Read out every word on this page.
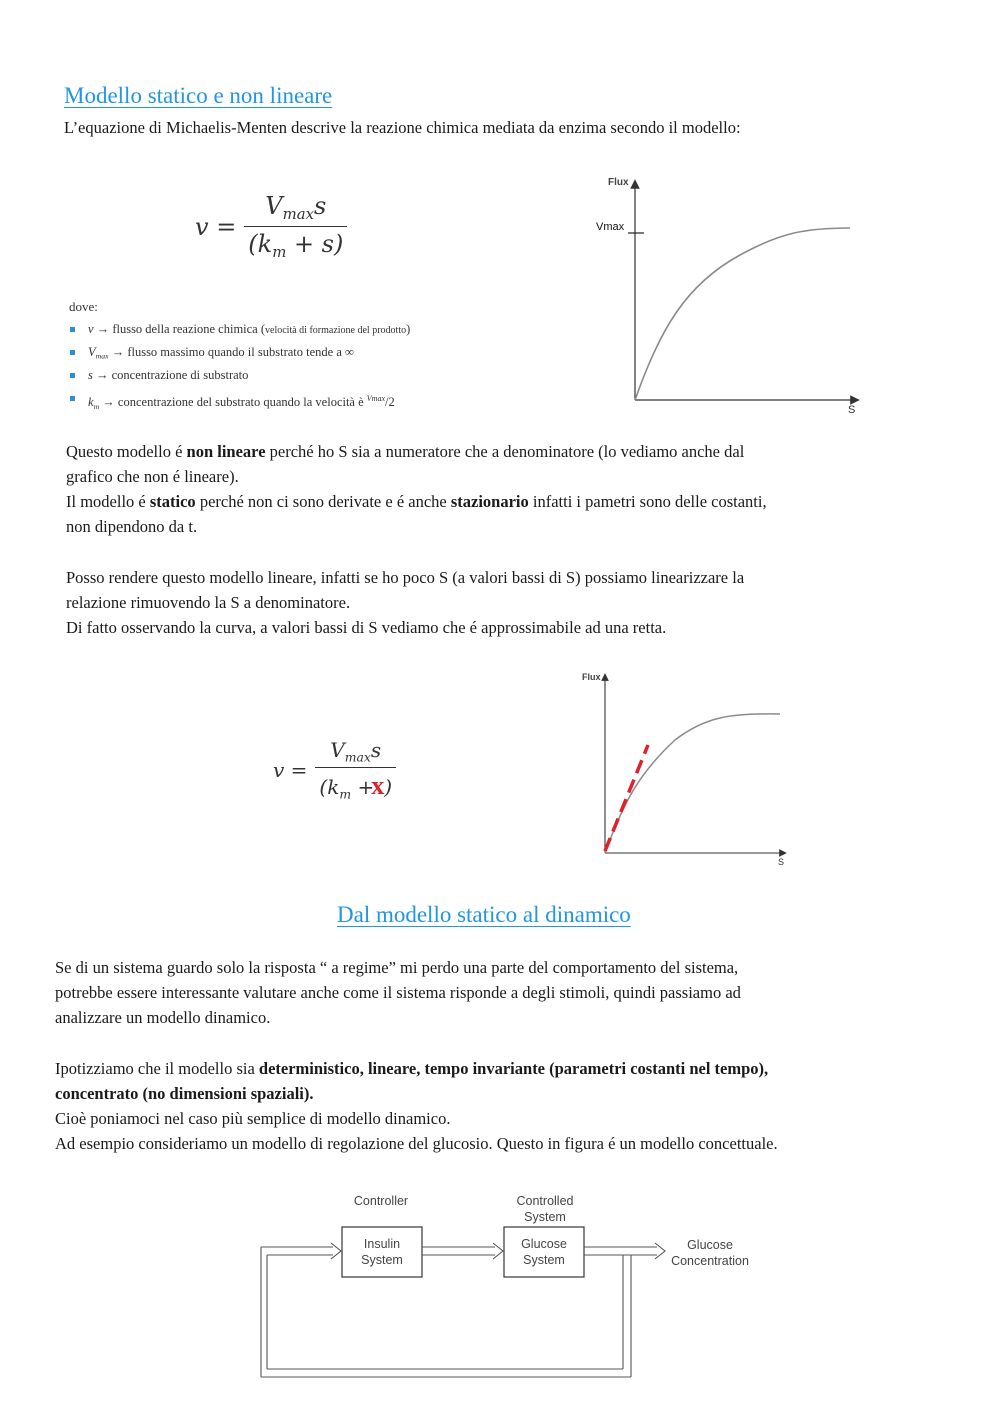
Modello statico e non lineare

L’equazione di Michaelis-Menten descrive la reazione chimica mediata da enzima secondo il modello:

$v = \frac{V_{max}s}{(k_m + s)}$
dove:
v → flusso della reazione chimica (velocità di formazione del prodotto)
$V_{max}$ → flusso massimo quando il substrato tende a ∞
s → concentrazione di substrato
$k_m$ → concentrazione del substrato quando la velocità è $^{Vmax}$/2
Flux
S
Vmax

Questo modello é non lineare perché ho S sia a numeratore che a denominatore (lo vediamo anche dal
grafico che non é lineare).
Il modello é statico perché non ci sono derivate e é anche stazionario infatti i pametri sono delle costanti,
non dipendono da t.

Posso rendere questo modello lineare, infatti se ho poco S (a valori bassi di S) possiamo linearizzare la
relazione rimuovendo la S a denominatore.
Di fatto osservando la curva, a valori bassi di S vediamo che é approssimabile ad una retta.

$v = \frac{V_{max}s}{(k_m +x)}$
Flux
S
Dal modello statico al dinamico

Se di un sistema guardo solo la risposta “ a regime” mi perdo una parte del comportamento del sistema,
potrebbe essere interessante valutare anche come il sistema risponde a degli stimoli, quindi passiamo ad
analizzare un modello dinamico.

Ipotizziamo che il modello sia deterministico, lineare, tempo invariante (parametri costanti nel tempo),
concentrato (no dimensioni spaziali).
Cioè poniamoci nel caso più semplice di modello dinamico.
Ad esempio consideriamo un modello di regolazione del glucosio. Questo in figura é un modello concettuale.

Controller	Controlled
System
Insulin
System
Glucose
System
Glucose
Concentration
